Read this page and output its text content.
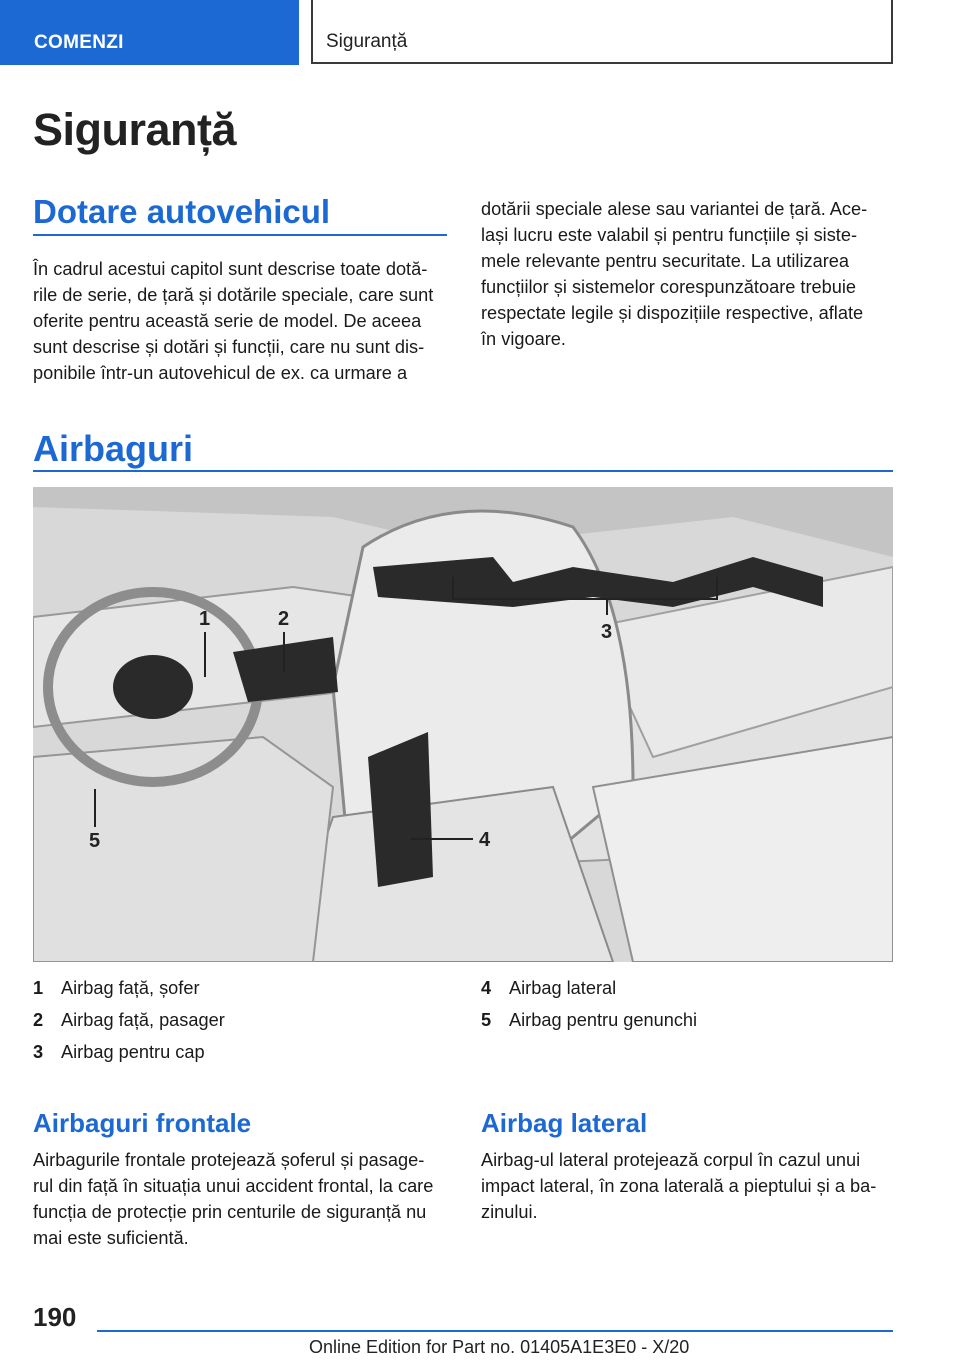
COMENZI	Siguranță
Siguranță
Dotare autovehicul
În cadrul acestui capitol sunt descrise toate dotă‐
rile de serie, de țară și dotările speciale, care sunt
oferite pentru această serie de model. De aceea
sunt descrise și dotări și funcții, care nu sunt dis‐
ponibile într-un autovehicul de ex. ca urmare a
dotării speciale alese sau variantei de țară. Ace‐
lași lucru este valabil și pentru funcțiile și siste‐
mele relevante pentru securitate. La utilizarea
funcțiilor și sistemelor corespunzătoare trebuie
respectate legile și dispozițiile respective, aflate
în vigoare.
Airbaguri
1	2
3
4
5
1 Airbag față, șofer
2 Airbag față, pasager
3 Airbag pentru cap
4 Airbag lateral
5 Airbag pentru genunchi
Airbaguri frontale
Airbagurile frontale protejează șoferul și pasage‐
rul din față în situația unui accident frontal, la care
funcția de protecție prin centurile de siguranță nu
mai este suficientă.
Airbag lateral
Airbag-ul lateral protejează corpul în cazul unui
impact lateral, în zona laterală a pieptului și a ba‐
zinului.
190
Online Edition for Part no. 01405A1E3E0 - X/20
